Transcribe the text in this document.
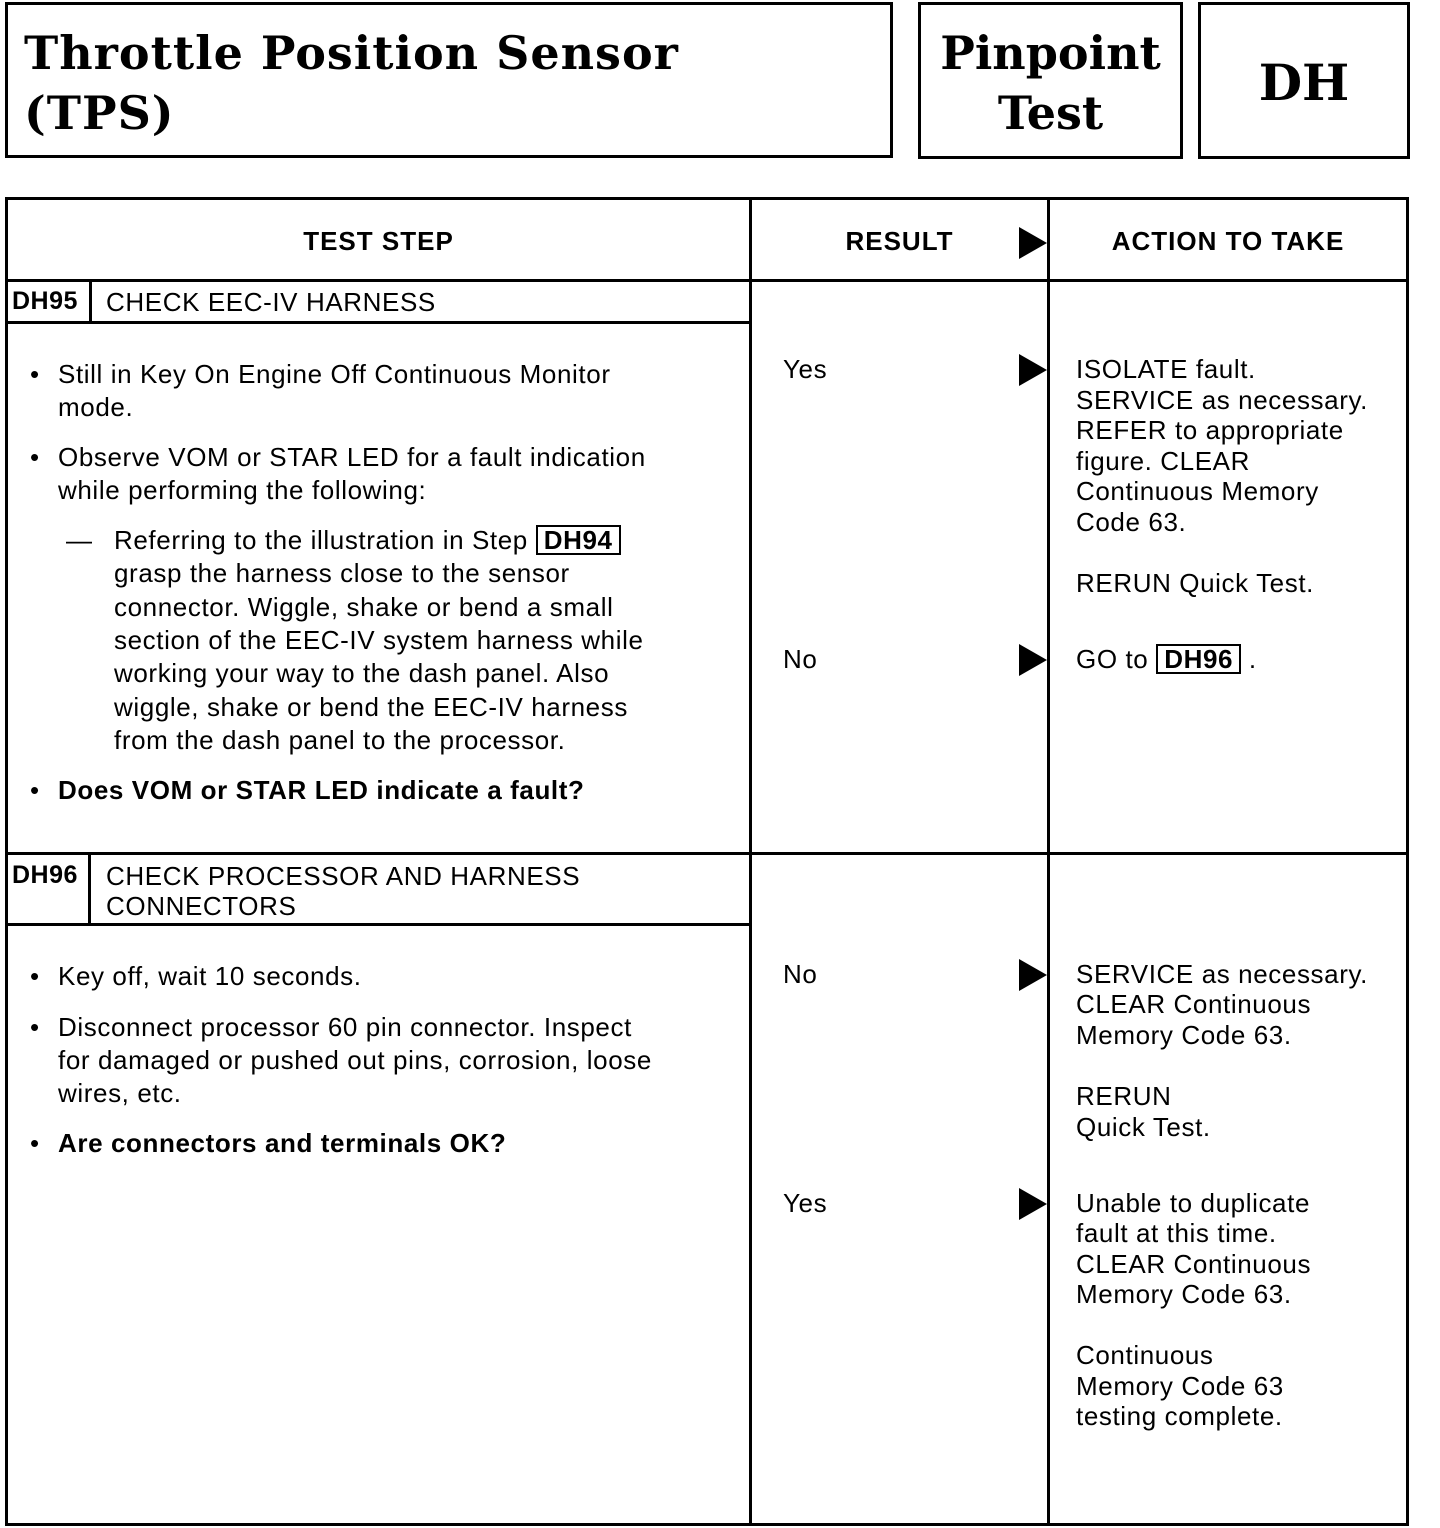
Throttle Position Sensor
(TPS)
Pinpoint
Test
DH
TEST STEP	RESULT	ACTION TO TAKE
DH95 CHECK EEC-IV HARNESS
• Still in Key On Engine Off Continuous Monitor
mode.
• Observe VOM or STAR LED for a fault indication
while performing the following:
— Referring to the illustration in Step DH94
grasp the harness close to the sensor
connector. Wiggle, shake or bend a small
section of the EEC-IV system harness while
working your way to the dash panel. Also
wiggle, shake or bend the EEC-IV harness
from the dash panel to the processor.
• Does VOM or STAR LED indicate a fault?
Yes	ISOLATE fault.
SERVICE as necessary.
REFER to appropriate
figure. CLEAR
Continuous Memory
Code 63.
RERUN Quick Test.
No	GO to DH96 .
DH96 CHECK PROCESSOR AND HARNESS
CONNECTORS
• Key off, wait 10 seconds.
• Disconnect processor 60 pin connector. Inspect
for damaged or pushed out pins, corrosion, loose
wires, etc.
• Are connectors and terminals OK?
No	SERVICE as necessary.
CLEAR Continuous
Memory Code 63.
RERUN
Quick Test.
Yes	Unable to duplicate
fault at this time.
CLEAR Continuous
Memory Code 63.
Continuous
Memory Code 63
testing complete.
